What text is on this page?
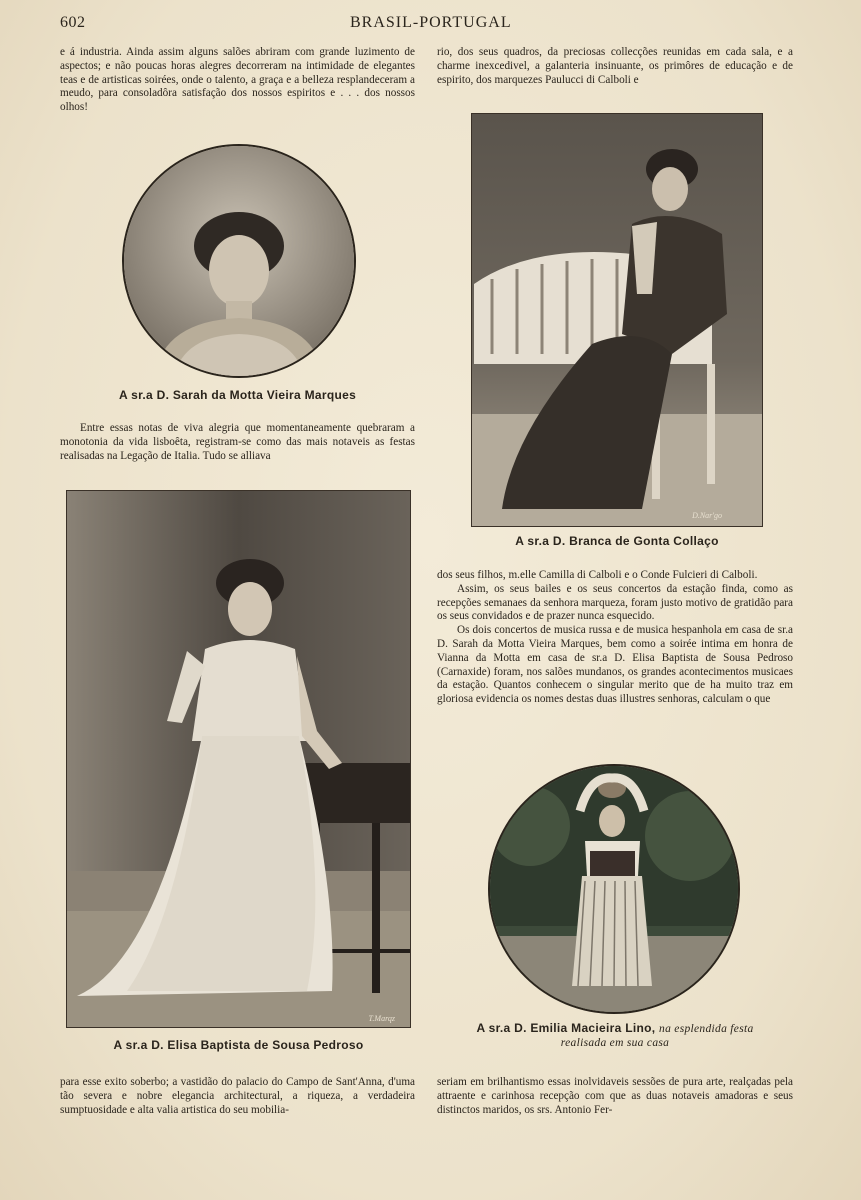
602	BRASIL-PORTUGAL

e á industria. Ainda assim alguns salões abriram com grande luzimento de aspectos; e não poucas horas alegres decorreram na intimidade de elegantes teas e de artisticas soirées, onde o talento, a graça e a belleza resplandeceram a meudo, para consoladôra satisfação dos nossos espiritos e . . . dos nossos olhos!

rio, dos seus quadros, da preciosas collecções reunidas em cada sala, e a charme inexcedivel, a galanteria insinuante, os primôres de educação e de espirito, dos marquezes Paulucci di Calboli e

A sr.a D. Sarah da Motta Vieira Marques

Entre essas notas de viva alegria que momentaneamente quebraram a monotonia da vida lisboêta, registram-se como das mais notaveis as festas realisadas na Legação de Italia. Tudo se alliava

D.Nar'go
A sr.a D. Branca de Gonta Collaço
T.Marqz
A sr.a D. Elisa Baptista de Sousa Pedroso

dos seus filhos, m.elle Camilla di Calboli e o Conde Fulcieri di Calboli.

Assim, os seus bailes e os seus concertos da estação finda, como as recepções semanaes da senhora marqueza, foram justo motivo de gratidão para os seus convidados e de prazer nunca esquecido.

Os dois concertos de musica russa e de musica hespanhola em casa de sr.a D. Sarah da Motta Vieira Marques, bem como a soirée intima em honra de Vianna da Motta em casa de sr.a D. Elisa Baptista de Sousa Pedroso (Carnaxide) foram, nos salões mundanos, os grandes acontecimentos musicaes da estação. Quantos conhecem o singular merito que de ha muito traz em gloriosa evidencia os nomes destas duas illustres senhoras, calculam o que

A sr.a D. Emilia Macieira Lino, na esplendida festa
realisada em sua casa

para esse exito soberbo; a vastidão do palacio do Campo de Sant'Anna, d'uma tão severa e nobre elegancia architectural, a riqueza, a verdadeira sumptuosidade e alta valia artistica do seu mobilia-

seriam em brilhantismo essas inolvidaveis sessões de pura arte, realçadas pela attraente e carinhosa recepção com que as duas notaveis amadoras e seus distinctos maridos, os srs. Antonio Fer-
